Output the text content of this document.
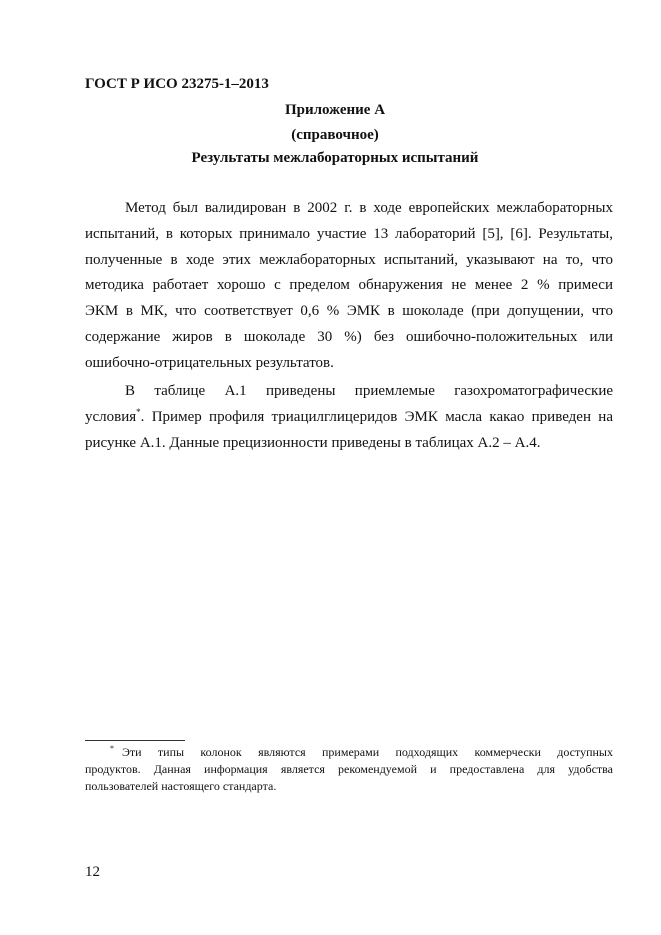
ГОСТ Р ИСО 23275-1–2013

Приложение А

(справочное)

Результаты межлабораторных испытаний

Метод был валидирован в 2002 г. в ходе европейских межлабораторных
испытаний, в которых принимало участие 13 лабораторий [5], [6]. Результаты,
полученные в ходе этих межлабораторных испытаний, указывают на то, что
методика работает хорошо с пределом обнаружения не менее 2 % примеси
ЭКМ в МК, что соответствует 0,6 % ЭМК в шоколаде (при допущении, что
содержание жиров в шоколаде 30 %) без ошибочно-положительных или
ошибочно-отрицательных результатов.

В таблице А.1 приведены приемлемые газохроматографические
условия*. Пример профиля триацилглицеридов ЭМК масла какао приведен на
рисунке А.1. Данные прецизионности приведены в таблицах А.2 – А.4.

* Эти типы колонок являются примерами подходящих коммерчески доступных
продуктов. Данная информация является рекомендуемой и предоставлена для удобства
пользователей настоящего стандарта.

12
